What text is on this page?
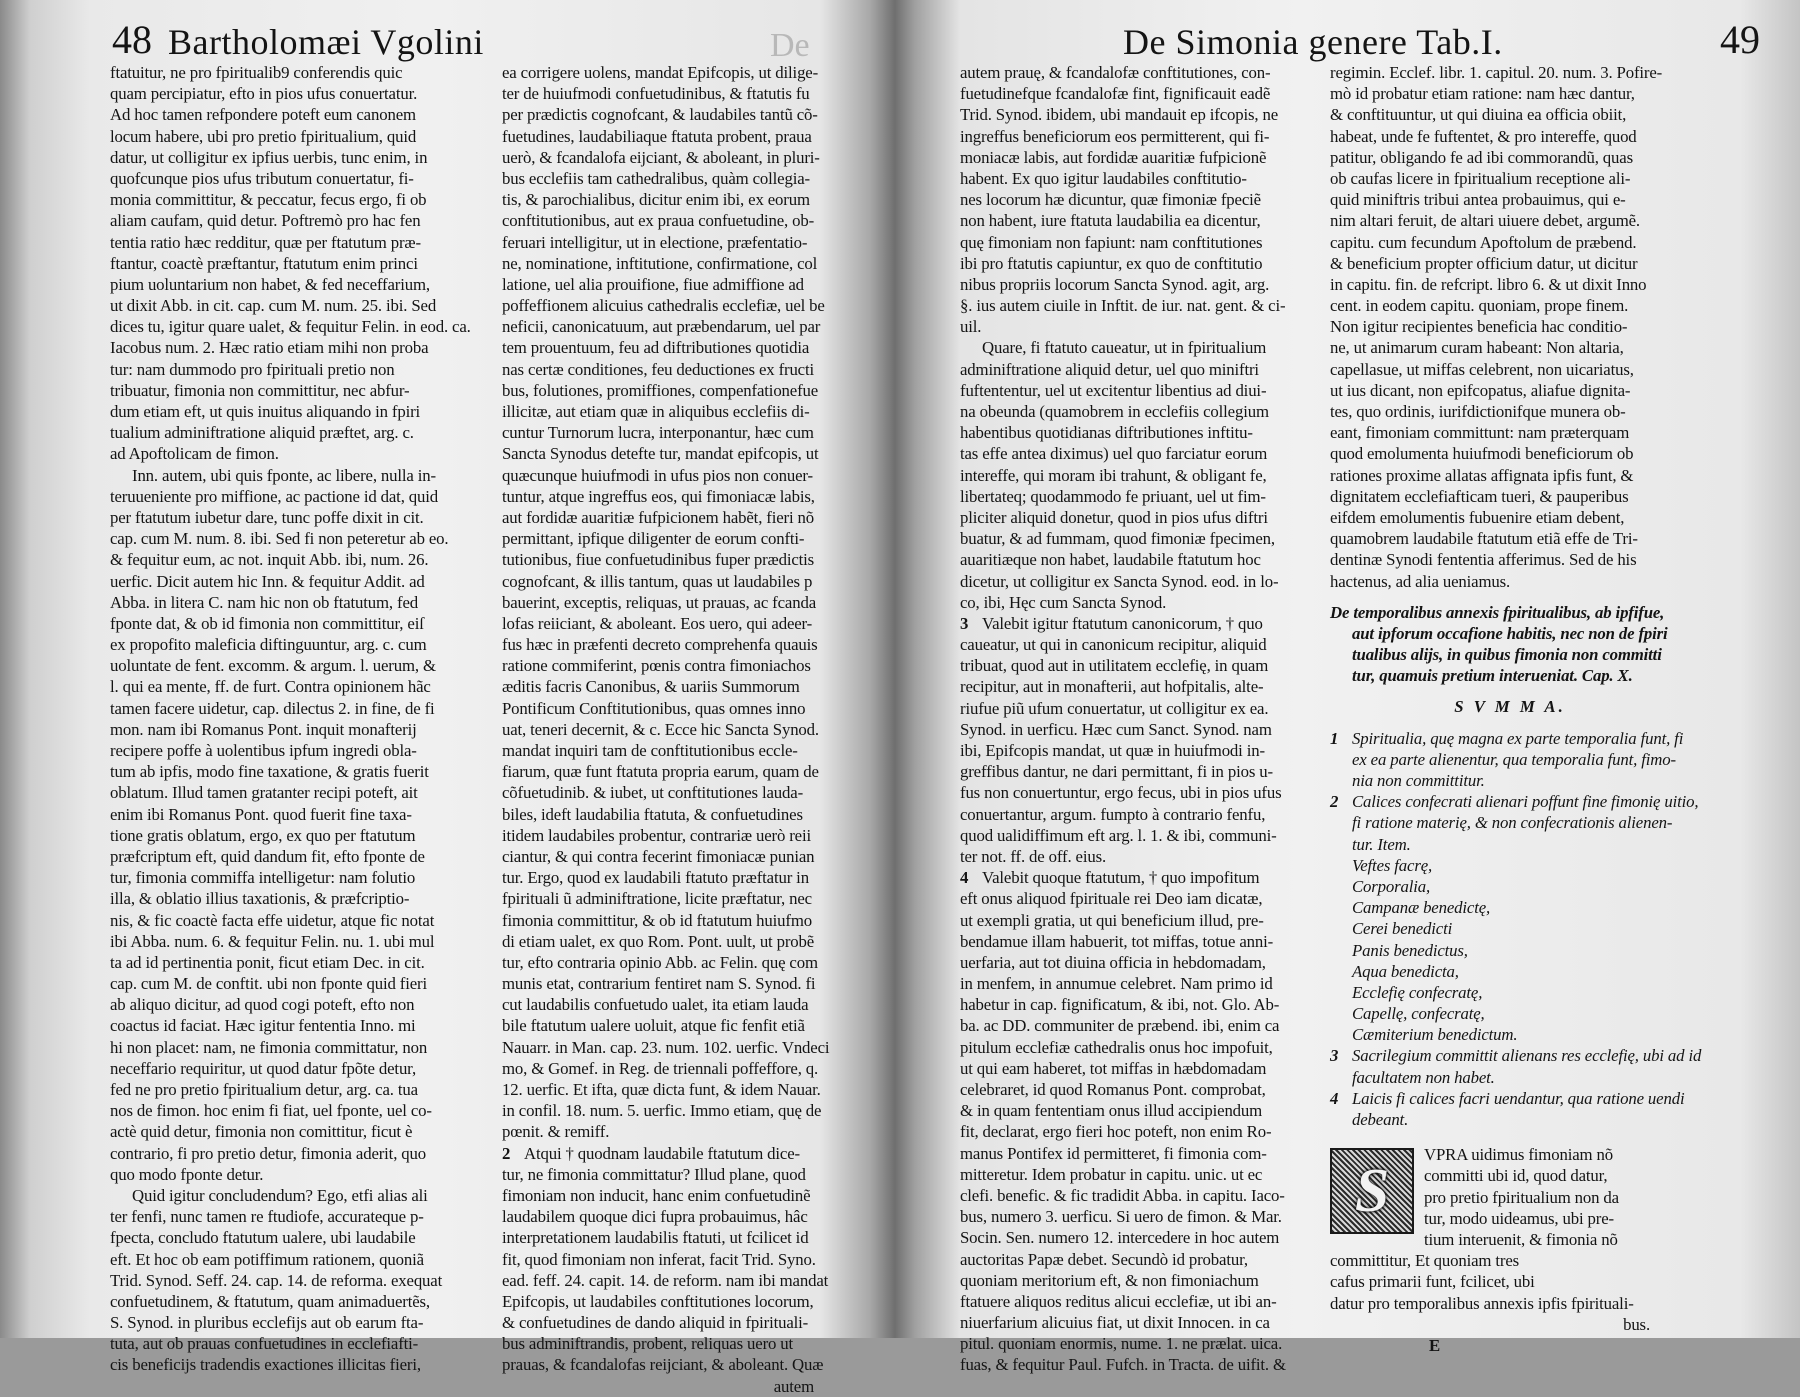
48 Bartholomæi Vgolini	De
ftatuitur, ne pro fpiritualib9 conferendis quic
quam percipiatur, efto in pios ufus conuertatur.
Ad hoc tamen refpondere poteft eum canonem
locum habere, ubi pro pretio fpiritualium, quid
datur, ut colligitur ex ipfius uerbis, tunc enim, in
quofcunque pios ufus tributum conuertatur, fi-
monia committitur, & peccatur, fecus ergo, fi ob
aliam caufam, quid detur. Poftremò pro hac fen
tentia ratio hæc redditur, quæ per ftatutum præ-
ftantur, coactè præftantur, ftatutum enim princi
pium uoluntarium non habet, & fed neceffarium,
ut dixit Abb. in cit. cap. cum M. num. 25. ibi. Sed
dices tu, igitur quare ualet, & fequitur Felin. in eod. ca.
Iacobus num. 2. Hæc ratio etiam mihi non proba
tur: nam dummodo pro fpirituali pretio non
tribuatur, fimonia non committitur, nec abfur-
dum etiam eft, ut quis inuitus aliquando in fpiri
tualium adminiftratione aliquid præftet, arg. c.
ad Apoftolicam de fimon.
Inn. autem, ubi quis fponte, ac libere, nulla in-
teruueniente pro miffione, ac pactione id dat, quid
per ftatutum iubetur dare, tunc poffe dixit in cit.
cap. cum M. num. 8. ibi. Sed fi non peteretur ab eo.
& fequitur eum, ac not. inquit Abb. ibi, num. 26.
uerfic. Dicit autem hic Inn. & fequitur Addit. ad
Abba. in litera C. nam hic non ob ftatutum, fed
fponte dat, & ob id fimonia non committitur, eiſ
ex propofito maleficia diftinguuntur, arg. c. cum
uoluntate de fent. excomm. & argum. l. uerum, &
l. qui ea mente, ff. de furt. Contra opinionem hãc
tamen facere uidetur, cap. dilectus 2. in fine, de fi
mon. nam ibi Romanus Pont. inquit monafterij
recipere poffe à uolentibus ipfum ingredi obla-
tum ab ipfis, modo fine taxatione, & gratis fuerit
oblatum. Illud tamen gratanter recipi poteft, ait
enim ibi Romanus Pont. quod fuerit fine taxa-
tione gratis oblatum, ergo, ex quo per ftatutum
præfcriptum eft, quid dandum fit, efto fponte de
tur, fimonia commiffa intelligetur: nam folutio
illa, & oblatio illius taxationis, & præfcriptio-
nis, & fic coactè facta effe uidetur, atque fic notat
ibi Abba. num. 6. & fequitur Felin. nu. 1. ubi mul
ta ad id pertinentia ponit, ficut etiam Dec. in cit.
cap. cum M. de conftit. ubi non fponte quid fieri
ab aliquo dicitur, ad quod cogi poteft, efto non
coactus id faciat. Hæc igitur fententia Inno. mi
hi non placet: nam, ne fimonia committatur, non
neceffario requiritur, ut quod datur fpõte detur,
fed ne pro pretio fpiritualium detur, arg. ca. tua
nos de fimon. hoc enim fi fiat, uel fponte, uel co-
actè quid detur, fimonia non comittitur, ficut è
contrario, fi pro pretio detur, fimonia aderit, quo
quo modo fponte detur.
Quid igitur concludendum? Ego, etfi alias ali
ter fenfi, nunc tamen re ftudiofe, accurateque p-
fpecta, concludo ftatutum ualere, ubi laudabile
eft. Et hoc ob eam potiffimum rationem, quoniã
Trid. Synod. Seff. 24. cap. 14. de reforma. exequat
confuetudinem, & ftatutum, quam animaduertẽs,
S. Synod. in pluribus ecclefijs aut ob earum fta-
tuta, aut ob prauas confuetudines in ecclefiafti-
cis beneficijs tradendis exactiones illicitas fieri,
ea corrigere uolens, mandat Epifcopis, ut dilige-
ter de huiufmodi confuetudinibus, & ftatutis fu
per prædictis cognofcant, & laudabiles tantũ cõ-
fuetudines, laudabiliaque ftatuta probent, praua
uerò, & fcandalofa eijciant, & aboleant, in pluri-
bus ecclefiis tam cathedralibus, quàm collegia-
tis, & parochialibus, dicitur enim ibi, ex eorum
conftitutionibus, aut ex praua confuetudine, ob-
feruari intelligitur, ut in electione, præfentatio-
ne, nominatione, inftitutione, confirmatione, col
latione, uel alia prouifione, fiue admiffione ad
poffeffionem alicuius cathedralis ecclefiæ, uel be
neficii, canonicatuum, aut præbendarum, uel par
tem prouentuum, feu ad diftributiones quotidia
nas certæ conditiones, feu deductiones ex fructi
bus, folutiones, promiffiones, compenfationefue
illicitæ, aut etiam quæ in aliquibus ecclefiis di-
cuntur Turnorum lucra, interponantur, hæc cum
Sancta Synodus detefte tur, mandat epifcopis, ut
quæcunque huiufmodi in ufus pios non conuer-
tuntur, atque ingreffus eos, qui fimoniacæ labis,
aut fordidæ auaritiæ fufpicionem habẽt, fieri nõ
permittant, ipfique diligenter de eorum confti-
tutionibus, fiue confuetudinibus fuper prædictis
cognofcant, & illis tantum, quas ut laudabiles p
bauerint, exceptis, reliquas, ut prauas, ac fcanda
lofas reiiciant, & aboleant. Eos uero, qui adeer-
fus hæc in præfenti decreto comprehenfa quauis
ratione commiferint, pœnis contra fimoniachos
æditis facris Canonibus, & uariis Summorum
Pontificum Conftitutionibus, quas omnes inno
uat, teneri decernit, & c. Ecce hic Sancta Synod.
mandat inquiri tam de conftitutionibus eccle-
fiarum, quæ funt ftatuta propria earum, quam de
cõfuetudinib. & iubet, ut conftitutiones lauda-
biles, ideft laudabilia ftatuta, & confuetudines
itidem laudabiles probentur, contrariæ uerò reii
ciantur, & qui contra fecerint fimoniacæ punian
tur. Ergo, quod ex laudabili ftatuto præftatur in
fpirituali ũ adminiftratione, licite præftatur, nec
fimonia committitur, & ob id ftatutum huiufmo
di etiam ualet, ex quo Rom. Pont. uult, ut probẽ
tur, efto contraria opinio Abb. ac Felin. quę com
munis etat, contrarium fentiret nam S. Synod. fi
cut laudabilis confuetudo ualet, ita etiam lauda
bile ftatutum ualere uoluit, atque fic fenfit etiã
Nauarr. in Man. cap. 23. num. 102. uerfic. Vndeci
mo, & Gomef. in Reg. de triennali poffeffore, q.
12. uerfic. Et ifta, quæ dicta funt, & idem Nauar.
in confil. 18. num. 5. uerfic. Immo etiam, quę de
pœnit. & remiff.
2 Atqui † quodnam laudabile ftatutum dice-
tur, ne fimonia committatur? Illud plane, quod
fimoniam non inducit, hanc enim confuetudinẽ
laudabilem quoque dici fupra probauimus, hâc
interpretationem laudabilis ftatuti, ut fcilicet id
fit, quod fimoniam non inferat, facit Trid. Syno.
ead. feff. 24. capit. 14. de reform. nam ibi mandat
Epifcopis, ut laudabiles conftitutiones locorum,
& confuetudines de dando aliquid in fpirituali-
bus adminiftrandis, probent, reliquas uero ut
prauas, & fcandalofas reijciant, & aboleant. Quæ
autem
De Simonia genere Tab.I.	49
autem prauę, & fcandalofæ conftitutiones, con-
fuetudinefque fcandalofæ fint, fignificauit eadẽ
Trid. Synod. ibidem, ubi mandauit ep ifcopis, ne
ingreffus beneficiorum eos permitterent, qui fi-
moniacæ labis, aut fordidæ auaritiæ fufpicionẽ
habent. Ex quo igitur laudabiles conftitutio-
nes locorum hæ dicuntur, quæ fimoniæ fpeciẽ
non habent, iure ftatuta laudabilia ea dicentur,
quę fimoniam non fapiunt: nam conftitutiones
ibi pro ftatutis capiuntur, ex quo de conftitutio
nibus propriis locorum Sancta Synod. agit, arg.
§. ius autem ciuile in Inftit. de iur. nat. gent. & ci-
uil.
Quare, fi ftatuto caueatur, ut in fpiritualium
adminiftratione aliquid detur, uel quo miniftri
fuftententur, uel ut excitentur libentius ad diui-
na obeunda (quamobrem in ecclefiis collegium
habentibus quotidianas diftributiones inftitu-
tas effe antea diximus) uel quo farciatur eorum
intereffe, qui moram ibi trahunt, & obligant fe,
libertateq; quodammodo fe priuant, uel ut fim-
pliciter aliquid donetur, quod in pios ufus diftri
buatur, & ad fummam, quod fimoniæ fpecimen,
auaritiæque non habet, laudabile ftatutum hoc
dicetur, ut colligitur ex Sancta Synod. eod. in lo-
co, ibi, Hęc cum Sancta Synod.
3 Valebit igitur ftatutum canonicorum, † quo
caueatur, ut qui in canonicum recipitur, aliquid
tribuat, quod aut in utilitatem ecclefię, in quam
recipitur, aut in monafterii, aut hofpitalis, alte-
riufue piũ ufum conuertatur, ut colligitur ex ea.
Synod. in uerficu. Hæc cum Sanct. Synod. nam
ibi, Epifcopis mandat, ut quæ in huiufmodi in-
greffibus dantur, ne dari permittant, fi in pios u-
fus non conuertuntur, ergo fecus, ubi in pios ufus
conuertantur, argum. fumpto à contrario fenfu,
quod ualidiffimum eft arg. l. 1. & ibi, communi-
ter not. ff. de off. eius.
4 Valebit quoque ftatutum, † quo impofitum
eft onus aliquod fpirituale rei Deo iam dicatæ,
ut exempli gratia, ut qui beneficium illud, pre-
bendamue illam habuerit, tot miffas, totue anni-
uerfaria, aut tot diuina officia in hebdomadam,
in menfem, in annumue celebret. Nam primo id
habetur in cap. fignificatum, & ibi, not. Glo. Ab-
ba. ac DD. communiter de præbend. ibi, enim ca
pitulum ecclefiæ cathedralis onus hoc impofuit,
ut qui eam haberet, tot miffas in hæbdomadam
celebraret, id quod Romanus Pont. comprobat,
& in quam fententiam onus illud accipiendum
fit, declarat, ergo fieri hoc poteft, non enim Ro-
manus Pontifex id permitteret, fi fimonia com-
mitteretur. Idem probatur in capitu. unic. ut ec
clefi. benefic. & fic tradidit Abba. in capitu. Iaco-
bus, numero 3. uerficu. Si uero de fimon. & Mar.
Socin. Sen. numero 12. intercedere in hoc autem
auctoritas Papæ debet. Secundò id probatur,
quoniam meritorium eft, & non fimoniachum
ftatuere aliquos reditus alicui ecclefiæ, ut ibi an-
niuerfarium alicuius fiat, ut dixit Innocen. in ca
pitul. quoniam enormis, nume. 1. ne prælat. uica.
fuas, & fequitur Paul. Fufch. in Tracta. de uifit. &
regimin. Ecclef. libr. 1. capitul. 20. num. 3. Pofire-
mò id probatur etiam ratione: nam hæc dantur,
& conftituuntur, ut qui diuina ea officia obiit,
habeat, unde fe fuftentet, & pro intereffe, quod
patitur, obligando fe ad ibi commorandũ, quas
ob caufas licere in fpiritualium receptione ali-
quid miniftris tribui antea probauimus, qui e-
nim altari feruit, de altari uiuere debet, argumẽ.
capitu. cum fecundum Apoftolum de præbend.
& beneficium propter officium datur, ut dicitur
in capitu. fin. de refcript. libro 6. & ut dixit Inno
cent. in eodem capitu. quoniam, prope finem.
Non igitur recipientes beneficia hac conditio-
ne, ut animarum curam habeant: Non altaria,
capellasue, ut miffas celebrent, non uicariatus,
ut ius dicant, non epifcopatus, aliafue dignita-
tes, quo ordinis, iurifdictionifque munera ob-
eant, fimoniam committunt: nam præterquam
quod emolumenta huiufmodi beneficiorum ob
rationes proxime allatas affignata ipfis funt, &
dignitatem ecclefiafticam tueri, & pauperibus
eifdem emolumentis fubuenire etiam debent,
quamobrem laudabile ftatutum etiã effe de Tri-
dentinæ Synodi fententia afferimus. Sed de his
hactenus, ad alia ueniamus.
De temporalibus annexis fpiritualibus, ab ipfifue,
aut ipforum occafione habitis, nec non de fpiri
tualibus alijs, in quibus fimonia non committi
tur, quamuis pretium interueniat. Cap. X.
S V M M A.
1 Spiritualia, quę magna ex parte temporalia funt, fi
ex ea parte alienentur, qua temporalia funt, fimo-
nia non committitur.
2 Calices confecrati alienari poffunt fine fimonię uitio,
fi ratione materię, & non confecrationis alienen-
tur. Item.
Veftes facrę,
Corporalia,
Campanæ benedictę,
Cerei benedicti
Panis benedictus,
Aqua benedicta,
Ecclefię confecratę,
Capellę, confecratę,
Cæmiterium benedictum.
3 Sacrilegium committit alienans res ecclefię, ubi ad id
facultatem non habet.
4 Laicis fi calices facri uendantur, qua ratione uendi
debeant.
S
VPRA uidimus fimoniam nõ
committi ubi id, quod datur,
pro pretio fpiritualium non da
tur, modo uideamus, ubi pre-
tium interuenit, & fimonia nõ
committitur, Et quoniam tres
cafus primarii funt, fcilicet, ubi
datur pro temporalibus annexis ipfis fpirituali-
bus.
E
